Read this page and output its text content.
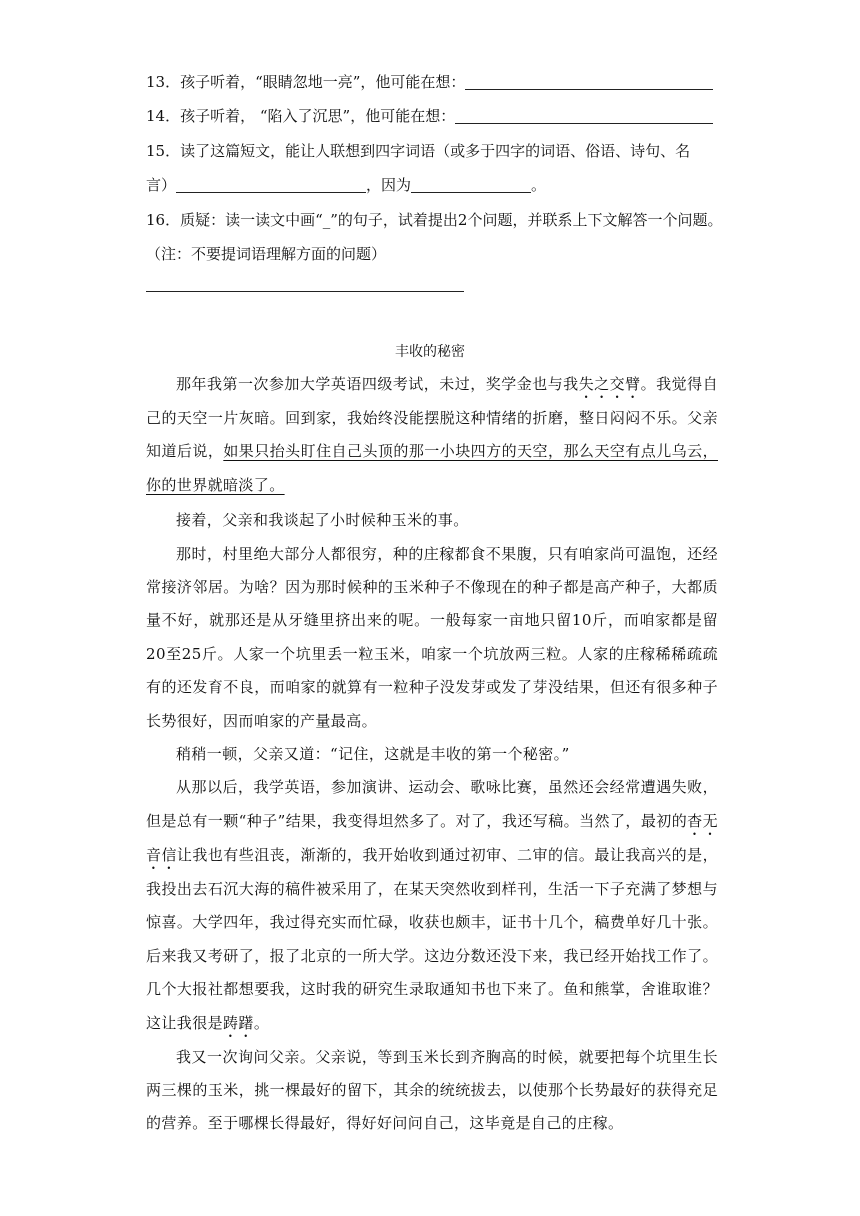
13．孩子听着，“眼睛忽地一亮”，他可能在想：
14．孩子听着， “陷入了沉思”，他可能在想：
15．读了这篇短文，能让人联想到四字词语（或多于四字的词语、俗语、诗句、名
言）	，因为	。
16．质疑：读一读文中画“_”的句子，试着提出2个问题，并联系上下文解答一个问题。
（注：不要提词语理解方面的问题）
丰收的秘密

那年我第一次参加大学英语四级考试，未过，奖学金也与我失之交臂。我觉得自己的天空一片灰暗。回到家，我始终没能摆脱这种情绪的折磨，整日闷闷不乐。父亲知道后说，如果只抬头盯住自己头顶的那一小块四方的天空，那么天空有点儿乌云，你的世界就暗淡了。

接着，父亲和我谈起了小时候种玉米的事。

那时，村里绝大部分人都很穷，种的庄稼都食不果腹，只有咱家尚可温饱，还经常接济邻居。为啥？因为那时候种的玉米种子不像现在的种子都是高产种子，大都质量不好，就那还是从牙缝里挤出来的呢。一般每家一亩地只留10斤，而咱家都是留20至25斤。人家一个坑里丢一粒玉米，咱家一个坑放两三粒。人家的庄稼稀稀疏疏有的还发育不良，而咱家的就算有一粒种子没发芽或发了芽没结果，但还有很多种子长势很好，因而咱家的产量最高。

稍稍一顿，父亲又道：“记住，这就是丰收的第一个秘密。”

从那以后，我学英语，参加演讲、运动会、歌咏比赛，虽然还会经常遭遇失败，但是总有一颗“种子”结果，我变得坦然多了。对了，我还写稿。当然了，最初的杳无音信让我也有些沮丧，渐渐的，我开始收到通过初审、二审的信。最让我高兴的是，我投出去石沉大海的稿件被采用了，在某天突然收到样刊，生活一下子充满了梦想与惊喜。大学四年，我过得充实而忙碌，收获也颇丰，证书十几个，稿费单好几十张。后来我又考研了，报了北京的一所大学。这边分数还没下来，我已经开始找工作了。几个大报社都想要我，这时我的研究生录取通知书也下来了。鱼和熊掌，舍谁取谁？这让我很是踌躇。

我又一次询问父亲。父亲说，等到玉米长到齐胸高的时候，就要把每个坑里生长两三棵的玉米，挑一棵最好的留下，其余的统统拔去，以使那个长势最好的获得充足的营养。至于哪棵长得最好，得好好问问自己，这毕竟是自己的庄稼。
